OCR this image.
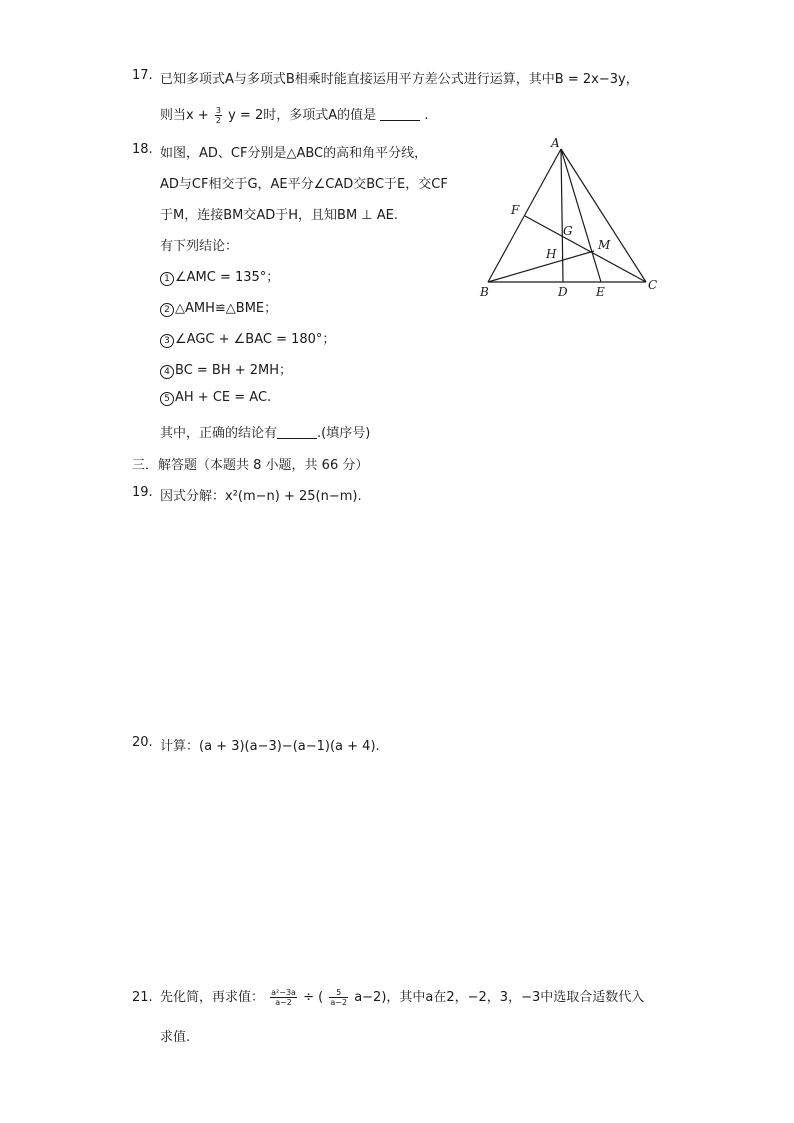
17. 已知多项式A与多项式B相乘时能直接运用平方差公式进行运算，其中B = 2x−3y，
则当$x + \frac{3}{2}$ y = 2时，多项式A的值是	.
18. 如图，AD、CF分别是△ABC的高和角平分线，
AD与CF相交于G，AE平分∠CAD交BC于E，交CF
于M，连接BM交AD于H，且知BM ⊥ AE.
有下列结论：
1 ∠AMC = 135°；
2 △AMH≌△BME；
3 ∠AGC + ∠BAC = 180°；
4 BC = BH + 2MH；
5 AH + CE = AC.
其中，正确的结论有	.(填序号)
A
B	C
D E
F
G
H
M
三．解答题（本题共 8 小题，共 66 分）
19. 因式分解：x²(m−n) + 25(n−m).
20. 计算：(a + 3)(a−3)−(a−1)(a + 4).
21. 先化简，再求值： $\frac{\text{a²−3a}}{a-2}$ ÷ ( $\frac{5}{a-2} a-2$)，其中a在2，−2，3，−3中选取合适数代入
求值.
